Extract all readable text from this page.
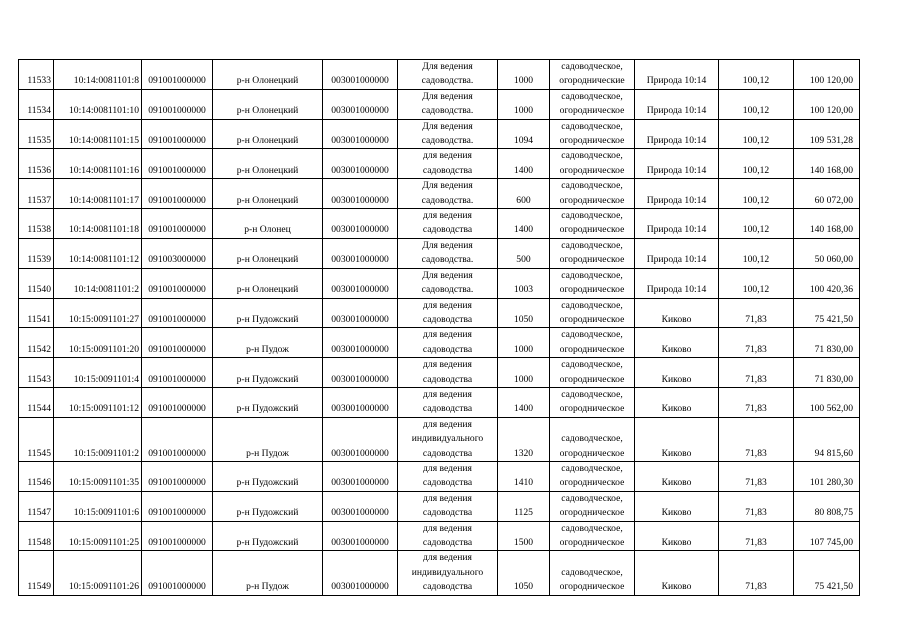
11533	10:14:0081101:8	091001000000	р-н Олонецкий	003001000000	Для ведения садоводства.	1000	садоводческое, огороднические	Природа 10:14	100,12	100 120,00
11534	10:14:0081101:10	091001000000	р-н Олонецкий	003001000000	Для ведения садоводства.	1000	садоводческое, огородническое	Природа 10:14	100,12	100 120,00
11535	10:14:0081101:15	091001000000	р-н Олонецкий	003001000000	Для ведения садоводства.	1094	садоводческое, огородническое	Природа 10:14	100,12	109 531,28
11536	10:14:0081101:16	091001000000	р-н Олонецкий	003001000000	для ведения садоводства	1400	садоводческое, огородническое	Природа 10:14	100,12	140 168,00
11537	10:14:0081101:17	091001000000	р-н Олонецкий	003001000000	Для ведения садоводства.	600	садоводческое, огородническое	Природа 10:14	100,12	60 072,00
11538	10:14:0081101:18	091001000000	р-н Олонец	003001000000	для ведения садоводства	1400	садоводческое, огородническое	Природа 10:14	100,12	140 168,00
11539	10:14:0081101:12	091003000000	р-н Олонецкий	003001000000	Для ведения садоводства.	500	садоводческое, огородническое	Природа 10:14	100,12	50 060,00
11540	10:14:0081101:2	091001000000	р-н Олонецкий	003001000000	Для ведения садоводства.	1003	садоводческое, огородническое	Природа 10:14	100,12	100 420,36
11541	10:15:0091101:27	091001000000	р-н Пудожский	003001000000	для ведения садоводства	1050	садоводческое, огородническое	Киково	71,83	75 421,50
11542	10:15:0091101:20	091001000000	р-н Пудож	003001000000	для ведения садоводства	1000	садоводческое, огородническое	Киково	71,83	71 830,00
11543	10:15:0091101:4	091001000000	р-н Пудожский	003001000000	для ведения садоводства	1000	садоводческое, огородническое	Киково	71,83	71 830,00
11544	10:15:0091101:12	091001000000	р-н Пудожский	003001000000	для ведения садоводства	1400	садоводческое, огородническое	Киково	71,83	100 562,00
11545	10:15:0091101:2	091001000000	р-н Пудож	003001000000	для ведения индивидуального садоводства	1320	садоводческое, огородническое	Киково	71,83	94 815,60
11546	10:15:0091101:35	091001000000	р-н Пудожский	003001000000	для ведения садоводства	1410	садоводческое, огородническое	Киково	71,83	101 280,30
11547	10:15:0091101:6	091001000000	р-н Пудожский	003001000000	для ведения садоводства	1125	садоводческое, огородническое	Киково	71,83	80 808,75
11548	10:15:0091101:25	091001000000	р-н Пудожский	003001000000	для ведения садоводства	1500	садоводческое, огородническое	Киково	71,83	107 745,00
11549	10:15:0091101:26	091001000000	р-н Пудож	003001000000	для ведения индивидуального садоводства	1050	садоводческое, огородническое	Киково	71,83	75 421,50
